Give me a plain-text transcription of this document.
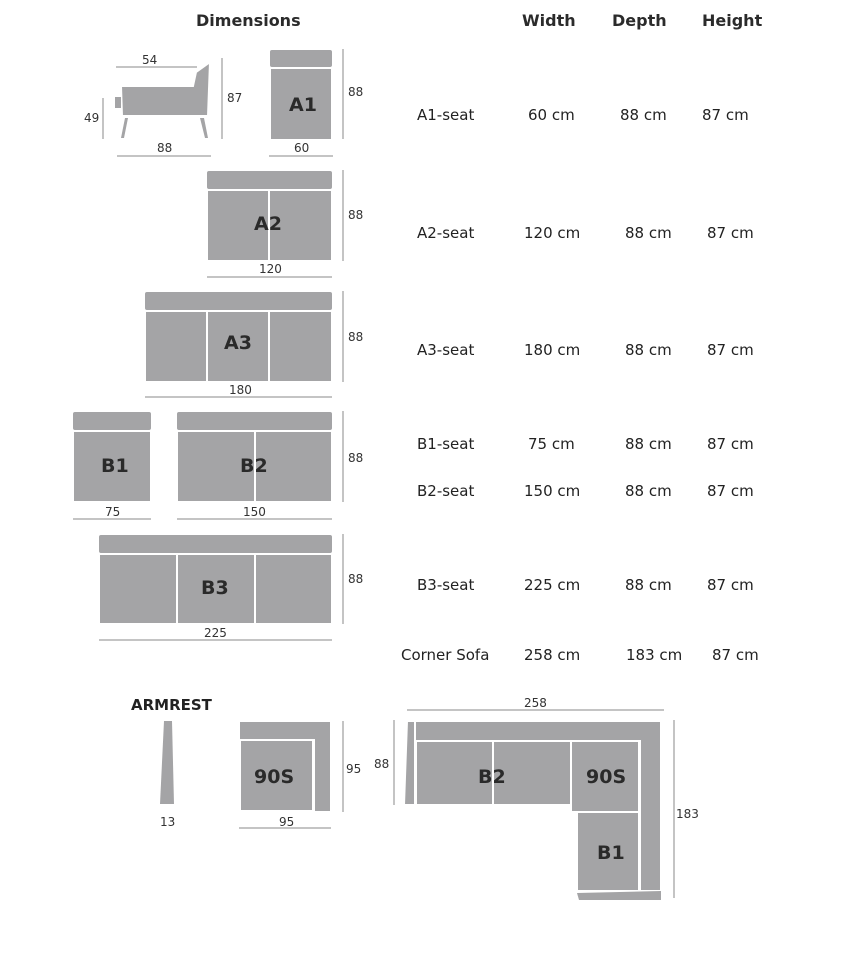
Dimensions	Width Depth Height
A1-seat	60 cm	88 cm 87 cm
A2-seat	120 cm	88 cm 87 cm
A3-seat	180 cm	88 cm 87 cm
B1-seat	75 cm	88 cm 87 cm
B2-seat	150 cm	88 cm 87 cm
B3-seat	225 cm	88 cm 87 cm
Corner Sofa 258 cm	183 cm 87 cm
ARMREST
54
49
87
88
A1
88
60
A2	88
120
A3	88
180
B1
75
B2	88
150
B3	88
225
13
90S	95
95
258
88
183
B2	90S
B1
